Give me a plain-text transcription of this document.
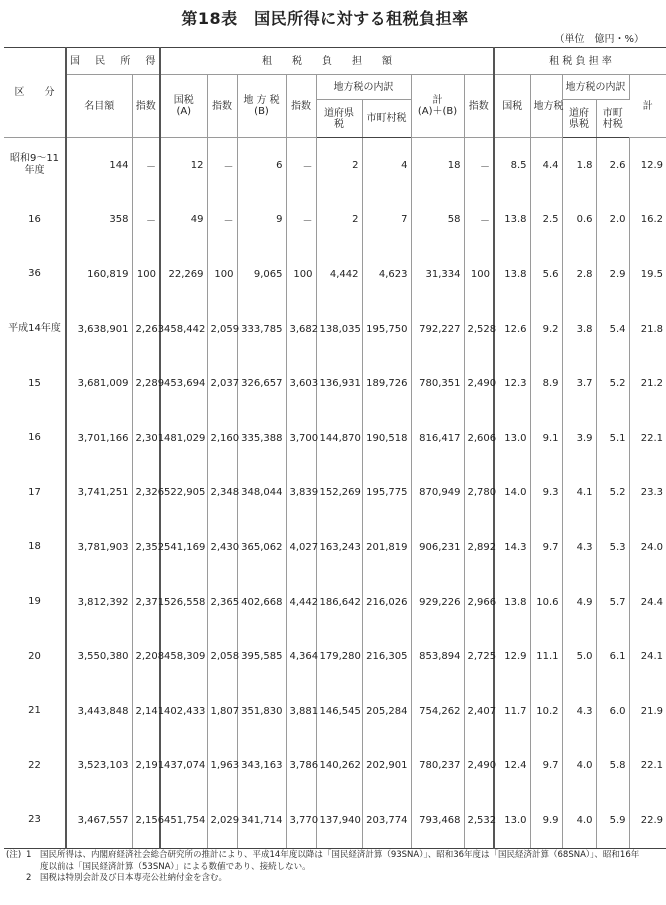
第18表　国民所得に対する租税負担率
（単位　億円・%）
区　　分	国 民 所 得		租　　税　　負　　担　　額								租 税 負 担 率				
	名目額	指数	国税
(A)	指数	地 方 税
(B)	指数	地方税の内訳		計
(A)＋(B)	指数	国税	地方税	地方税の内訳		計
							道府県税	市町村税					道府県税	市町村税	
昭和9～11年度	144	－	12	－	6	－	2	4	18	－	8.5	4.4	1.8	2.6	12.9
16	358	－	49	－	9	－	2	7	58	－	13.8	2.5	0.6	2.0	16.2
36	160,819	100	22,269	100	9,065	100	4,442	4,623	31,334	100	13.8	5.6	2.8	2.9	19.5
平成14年度	3,638,901	2,263	458,442	2,059	333,785	3,682	138,035	195,750	792,227	2,528	12.6	9.2	3.8	5.4	21.8
15	3,681,009	2,289	453,694	2,037	326,657	3,603	136,931	189,726	780,351	2,490	12.3	8.9	3.7	5.2	21.2
16	3,701,166	2,301	481,029	2,160	335,388	3,700	144,870	190,518	816,417	2,606	13.0	9.1	3.9	5.1	22.1
17	3,741,251	2,326	522,905	2,348	348,044	3,839	152,269	195,775	870,949	2,780	14.0	9.3	4.1	5.2	23.3
18	3,781,903	2,352	541,169	2,430	365,062	4,027	163,243	201,819	906,231	2,892	14.3	9.7	4.3	5.3	24.0
19	3,812,392	2,371	526,558	2,365	402,668	4,442	186,642	216,026	929,226	2,966	13.8	10.6	4.9	5.7	24.4
20	3,550,380	2,208	458,309	2,058	395,585	4,364	179,280	216,305	853,894	2,725	12.9	11.1	5.0	6.1	24.1
21	3,443,848	2,141	402,433	1,807	351,830	3,881	146,545	205,284	754,262	2,407	11.7	10.2	4.3	6.0	21.9
22	3,523,103	2,191	437,074	1,963	343,163	3,786	140,262	202,901	780,237	2,490	12.4	9.7	4.0	5.8	22.1
23	3,467,557	2,156	451,754	2,029	341,714	3,770	137,940	203,774	793,468	2,532	13.0	9.9	4.0	5.9	22.9
(注) 1	国民所得は、内閣府経済社会総合研究所の推計により、平成14年度以降は「国民経済計算（93SNA）」、昭和36年度は「国民経済計算（68SNA）」、昭和16年度以前は「国民経済計算（53SNA）」による数値であり、接続しない。
2	国税は特別会計及び日本専売公社納付金を含む。
